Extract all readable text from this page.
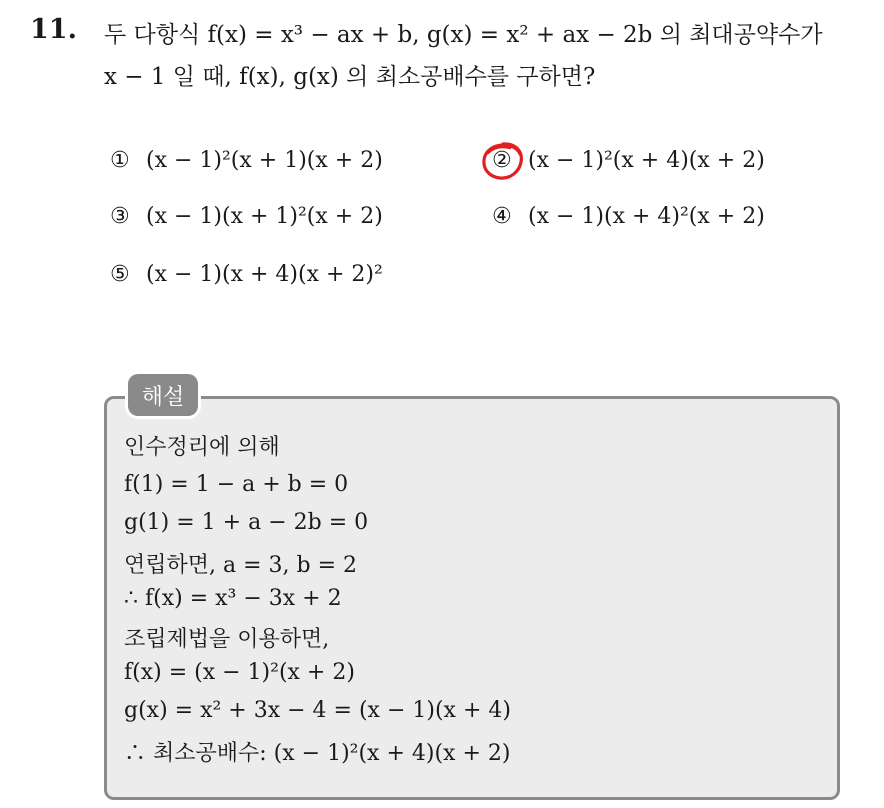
11. 두 다항식 f(x) = x³ − ax + b, g(x) = x² + ax − 2b 의 최대공약수가
x − 1 일 때, f(x), g(x) 의 최소공배수를 구하면?
① (x − 1)²(x + 1)(x + 2)	② (x − 1)²(x + 4)(x + 2)
③ (x − 1)(x + 1)²(x + 2)	④ (x − 1)(x + 4)²(x + 2)
⑤ (x − 1)(x + 4)(x + 2)²
해설
인수정리에 의해
f(1) = 1 − a + b = 0
g(1) = 1 + a − 2b = 0
연립하면, a = 3, b = 2
∴ f(x) = x³ − 3x + 2
조립제법을 이용하면,
f(x) = (x − 1)²(x + 2)
g(x) = x² + 3x − 4 = (x − 1)(x + 4)
∴ 최소공배수: (x − 1)²(x + 4)(x + 2)
